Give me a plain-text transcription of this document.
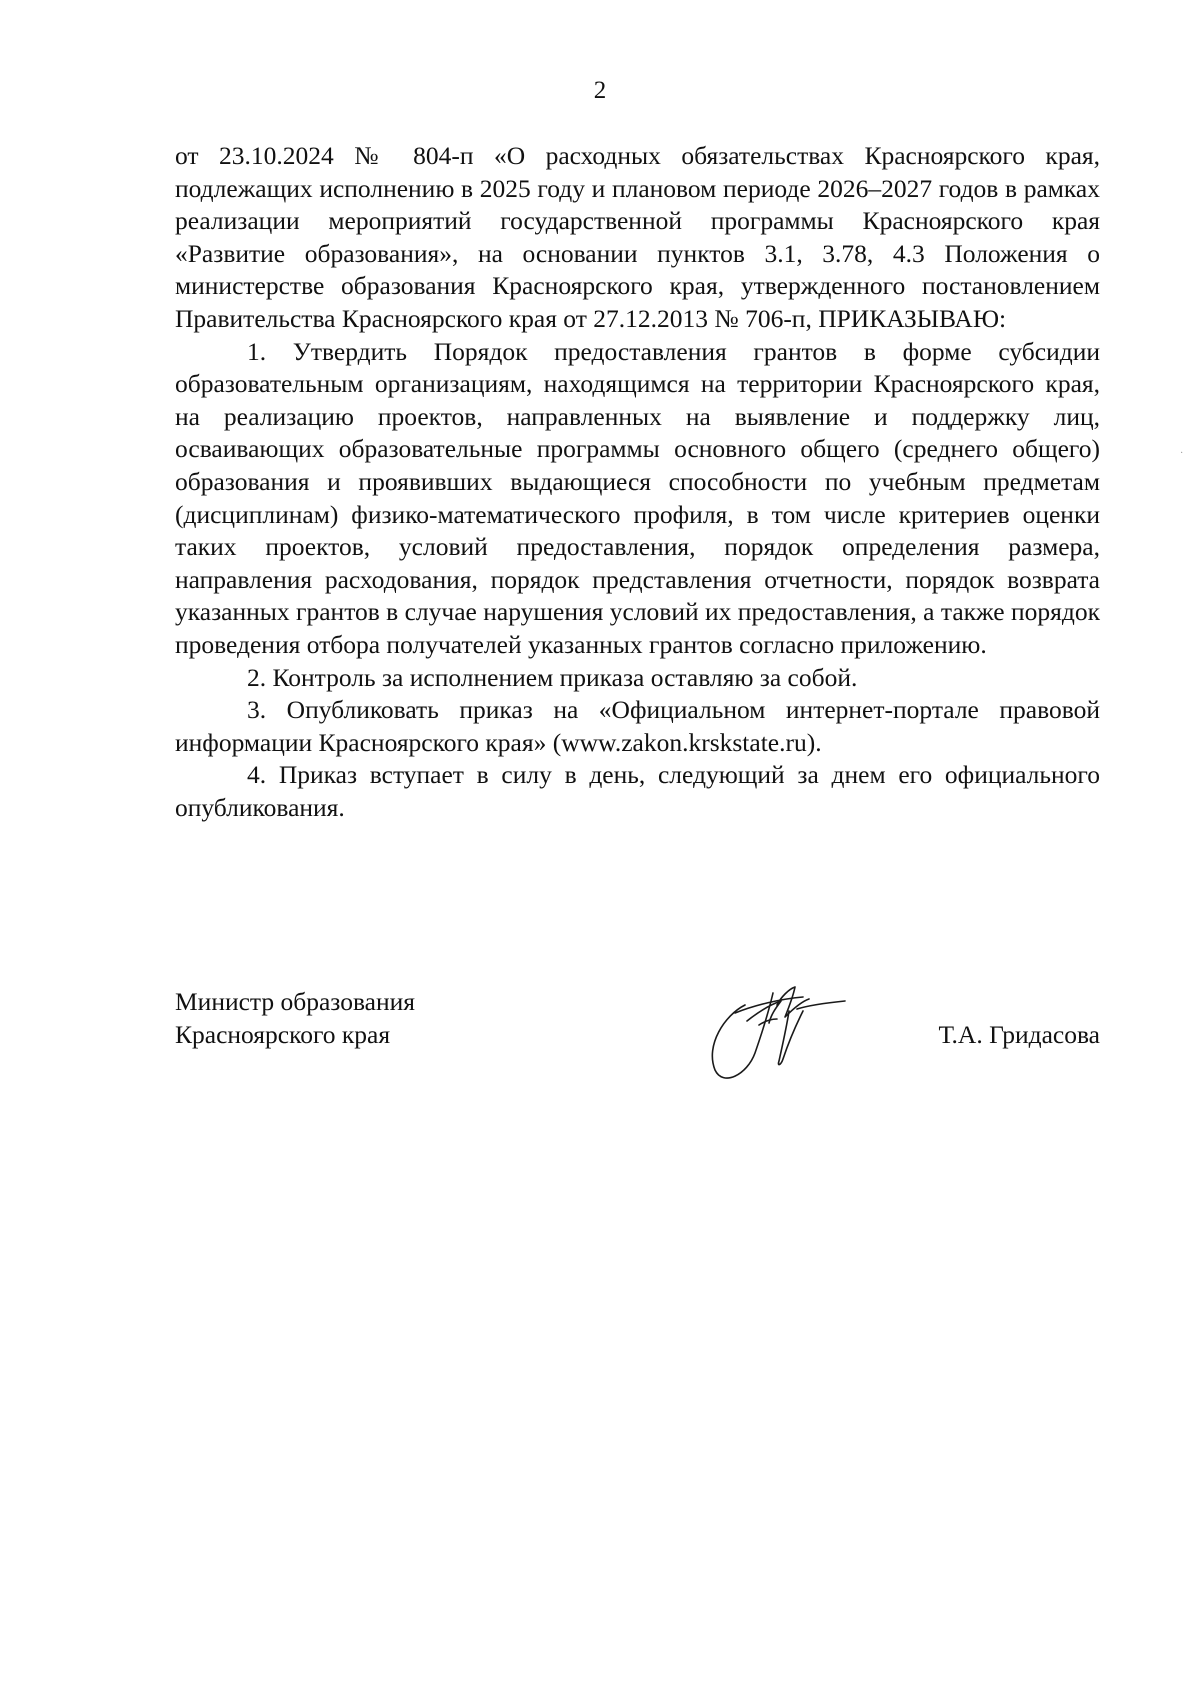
2

от 23.10.2024 № 804-п «О расходных обязательствах Красноярского края, подлежащих исполнению в 2025 году и плановом периоде 2026–2027 годов в рамках реализации мероприятий государственной программы Красноярского края «Развитие образования», на основании пунктов 3.1, 3.78, 4.3 Положения о министерстве образования Красноярского края, утвержденного постановлением Правительства Красноярского края от 27.12.2013 № 706-п, ПРИКАЗЫВАЮ:

1. Утвердить Порядок предоставления грантов в форме субсидии образовательным организациям, находящимся на территории Красноярского края, на реализацию проектов, направленных на выявление и поддержку лиц, осваивающих образовательные программы основного общего (среднего общего) образования и проявивших выдающиеся способности по учебным предметам (дисциплинам) физико-математического профиля, в том числе критериев оценки таких проектов, условий предоставления, порядок определения размера, направления расходования, порядок представления отчетности, порядок возврата указанных грантов в случае нарушения условий их предоставления, а также порядок проведения отбора получателей указанных грантов согласно приложению.

2. Контроль за исполнением приказа оставляю за собой.

3. Опубликовать приказ на «Официальном интернет-портале правовой информации Красноярского края» (www.zakon.krskstate.ru).

4. Приказ вступает в силу в день, следующий за днем его официального опубликования.

Министр образования
Красноярского края	Т.А. Гридасова
·
